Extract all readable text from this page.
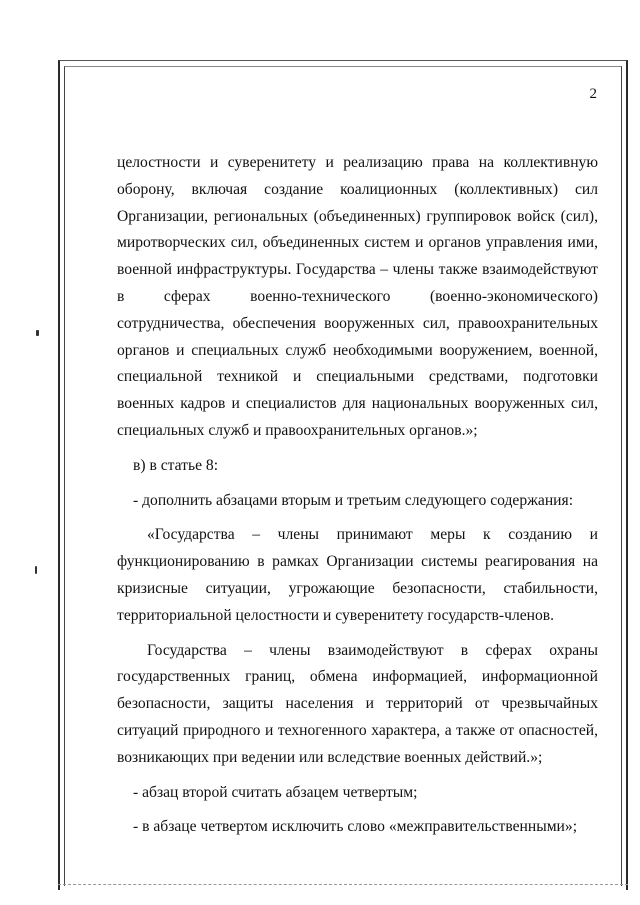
2

целостности и суверенитету и реализацию права на коллективную оборону, включая создание коалиционных (коллективных) сил Организации, региональных (объединенных) группировок войск (сил), миротворческих сил, объединенных систем и органов управления ими, военной инфраструктуры. Государства – члены также взаимодействуют в сферах военно-технического (военно-экономического) сотрудничества, обеспечения вооруженных сил, правоохранительных органов и специальных служб необходимыми вооружением, военной, специальной техникой и специальными средствами, подготовки военных кадров и специалистов для национальных вооруженных сил, специальных служб и правоохранительных органов.»;

в) в статье 8:

- дополнить абзацами вторым и третьим следующего содержания:

«Государства – члены принимают меры к созданию и функционированию в рамках Организации системы реагирования на кризисные ситуации, угрожающие безопасности, стабильности, территориальной целостности и суверенитету государств-членов.

Государства – члены взаимодействуют в сферах охраны государственных границ, обмена информацией, информационной безопасности, защиты населения и территорий от чрезвычайных ситуаций природного и техногенного характера, а также от опасностей, возникающих при ведении или вследствие военных действий.»;

- абзац второй считать абзацем четвертым;

- в абзаце четвертом исключить слово «межправительственными»;
